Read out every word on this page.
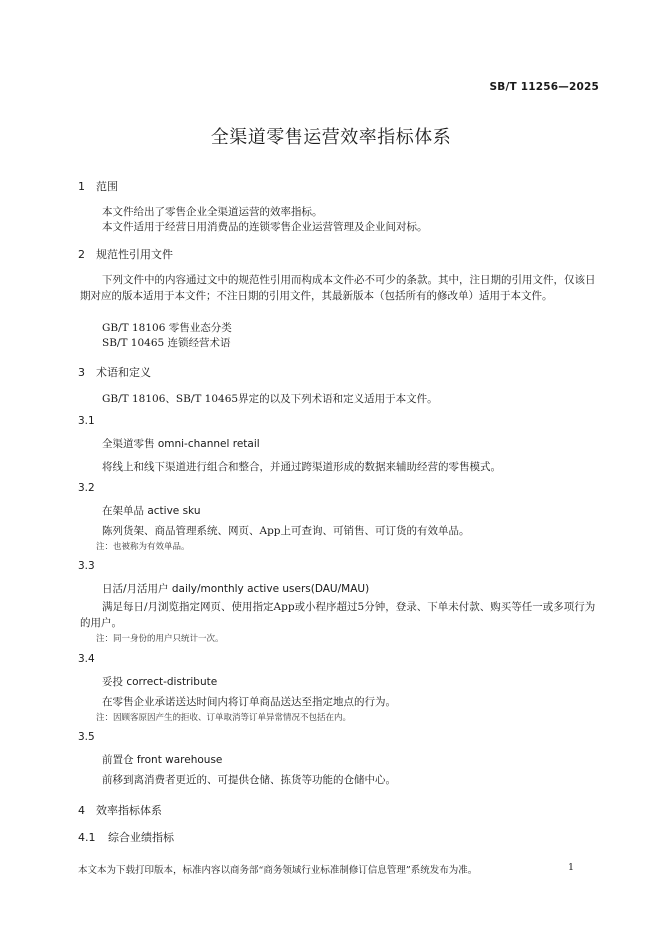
SB/T 11256—2025
全渠道零售运营效率指标体系
1 范围
本文件给出了零售企业全渠道运营的效率指标。
本文件适用于经营日用消费品的连锁零售企业运营管理及企业间对标。
2 规范性引用文件
下列文件中的内容通过文中的规范性引用而构成本文件必不可少的条款。其中，注日期的引用文件，仅该日期对应的版本适用于本文件；不注日期的引用文件，其最新版本（包括所有的修改单）适用于本文件。
GB/T 18106 零售业态分类
SB/T 10465 连锁经营术语
3 术语和定义
GB/T 18106、SB/T 10465界定的以及下列术语和定义适用于本文件。
3.1
全渠道零售 omni-channel retail
将线上和线下渠道进行组合和整合，并通过跨渠道形成的数据来辅助经营的零售模式。
3.2
在架单品 active sku
陈列货架、商品管理系统、网页、App上可查询、可销售、可订货的有效单品。
注：也被称为有效单品。
3.3
日活/月活用户 daily/monthly active users(DAU/MAU)
满足每日/月浏览指定网页、使用指定App或小程序超过5分钟，登录、下单未付款、购买等任一或多项行为的用户。
注：同一身份的用户只统计一次。
3.4
妥投 correct-distribute
在零售企业承诺送达时间内将订单商品送达至指定地点的行为。
注：因顾客原因产生的拒收、订单取消等订单异常情况不包括在内。
3.5
前置仓 front warehouse
前移到离消费者更近的、可提供仓储、拣货等功能的仓储中心。
4 效率指标体系
4.1 综合业绩指标
本文本为下载打印版本，标准内容以商务部“商务领域行业标准制修订信息管理”系统发布为准。	1
